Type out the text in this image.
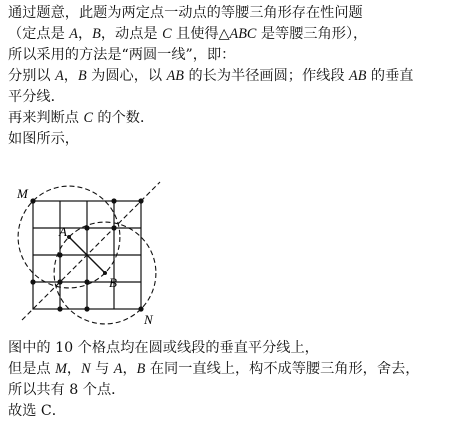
通过题意，此题为两定点一动点的等腰三角形存在性问题
（定点是 A，B，动点是 C 且使得△ABC 是等腰三角形），
所以采用的方法是“两圆一线”，即：
分别以 A，B 为圆心，以 AB 的长为半径画圆；作线段 AB 的垂直
平分线．
再来判断点 C 的个数．
如图所示，
图中的 10 个格点均在圆或线段的垂直平分线上，
但是点 M，N 与 A，B 在同一直线上，构不成等腰三角形，舍去，
所以共有 8 个点．
故选 C．
M
A
B
N
